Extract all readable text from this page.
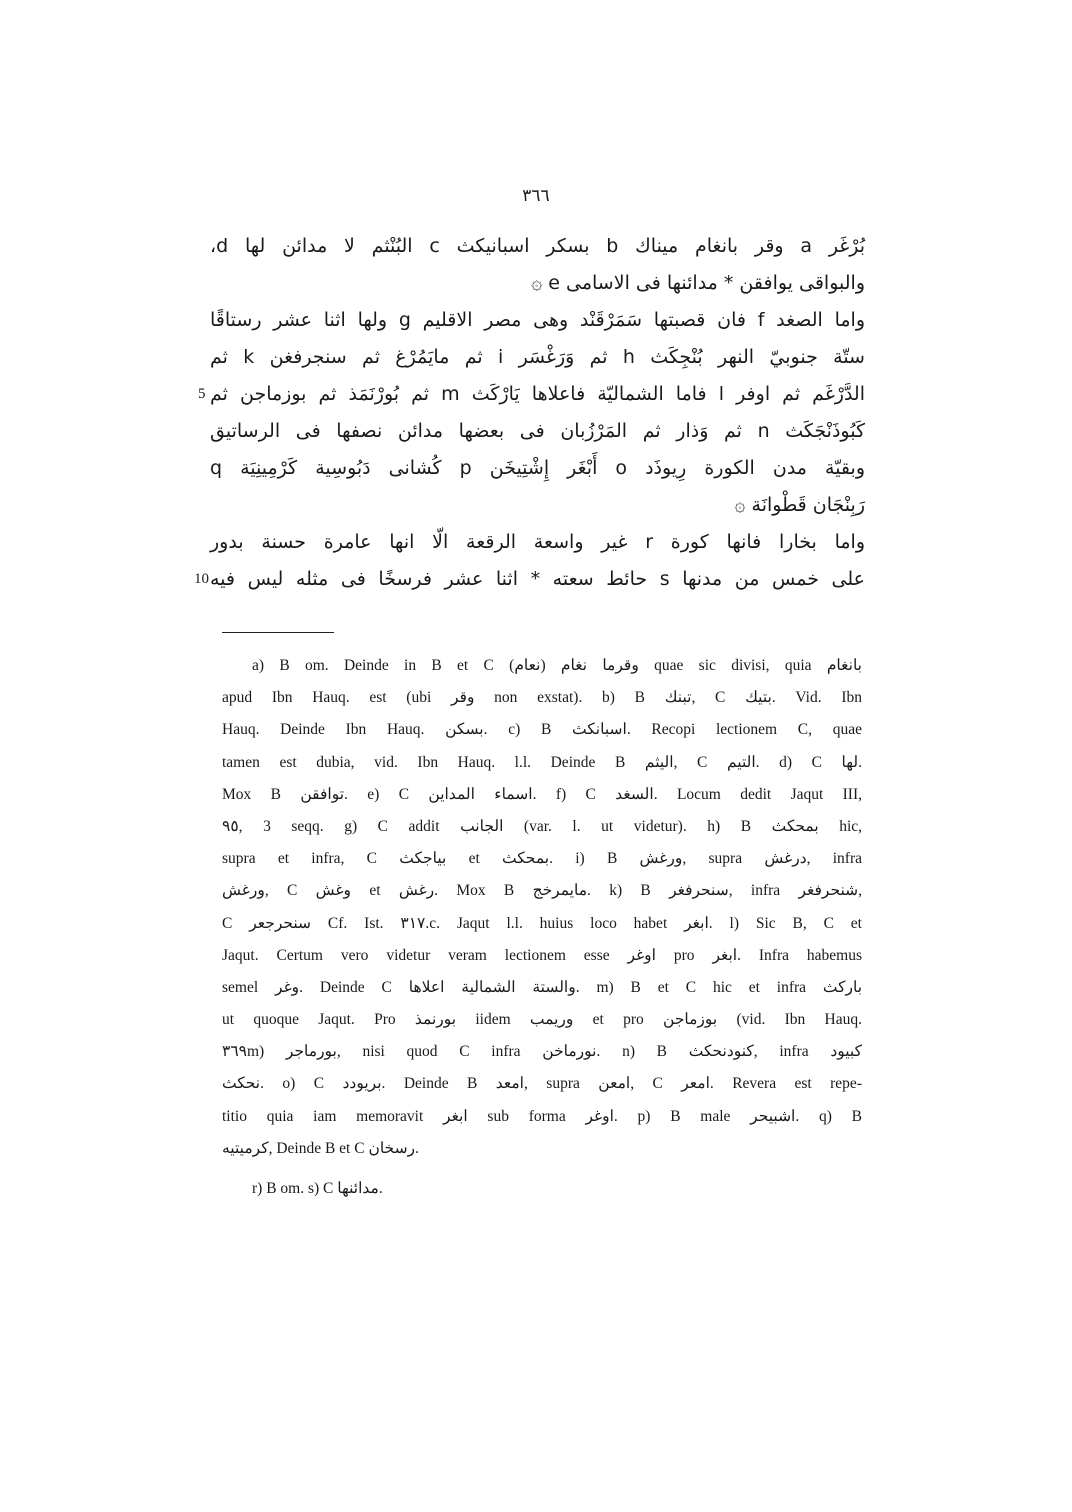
٣٦٦
بُرْغَر a وقر بانغام ميناك b بسكر اسبانيكث c البُنْثم لا مدائن لها d،
والبواقى يوافقن * مدائنها فى الاسامى e ۞
واما الصغد f فان قصبتها سَمَرْقَنْد وهى مصر الاقليم g ولها اثنا عشر رستاقًا
ستّة جنوبيّ النهر بُنْجِكَث h ثم وَرَغْسَر i ثم مايَمُرْغ ثم سنجرفغن k ثم
الدَّرْغَم ثم اوفر l فاما الشماليّة فاعلاها يَارْكَث m ثم بُورْنَمَذ ثم بوزماجن ثم
5
كَبُوذَنْجَكَث n ثم وَذار ثم المَرْزُبان فى بعضها مدائن نصفها فى الرساتيق
وبقيّة مدن الكورة رِيوذَد o أَبْغَر إِشْتِيخَن p كُشانى دَبُوسِية كَرْمِينِيَة q
رَبِنْجَان قَطْوانَة ۞
واما بخارا فانها كورة r غير واسعة الرقعة الّا انها عامرة حسنة بدور
على خمس من مدنها s حائط سعته * اثنا عشر فرسخًا فى مثله ليس فيه
10
a) B om. Deinde in B et C (نعام) وقرما نغام quae sic divisi, quia بانغام
apud Ibn Hauq. est (ubi وقر non exstat). b) B تبنك, C بتيك. Vid. Ibn
Hauq. Deinde Ibn Hauq. بسكن. c) B اسبانكث. Recopi lectionem C, quae
tamen est dubia, vid. Ibn Hauq. l.l. Deinde B اليثم, C التيم. d) C لها.
Mox B توافقن. e) C اسماء المداين. f) C السغد. Locum dedit Jaqut III,
٩٥, 3 seqq. g) C addit الجانب (var. l. ut videtur). h) B بمحكث hic,
supra et infra, C بياجكث et بمحكث. i) B ورغش, supra درغش, infra
ورغش, C وغش et رغش. Mox B مايمرخج. k) B سنحرفغر, infra شنحرفغر,
C سنحرجعر Cf. Ist. ٣١٧.c. Jaqut l.l. huius loco habet ابغر. l) Sic B, C et
Jaqut. Certum vero videtur veram lectionem esse اوغر pro ابغر. Infra habemus
semel وغر. Deinde C والستة الشمالية اعلاها. m) B et C hic et infra باركث
ut quoque Jaqut. Pro بورنمذ iidem وريمب et pro بوزماجن (vid. Ibn Hauq.
٣٦٩m) بورماجر, nisi quod C infra نورماخن. n) B كنودنحكث, infra كبيود
نحكث. o) C بريودد. Deinde B امعد, supra امعن, C امعر. Revera est repe-
titio quia iam memoravit ابغر sub forma اوغر. p) B male اشبيحر. q) B
كرميتيه, Deinde B et C رسخان.
r) B om. s) C مدائنها.
